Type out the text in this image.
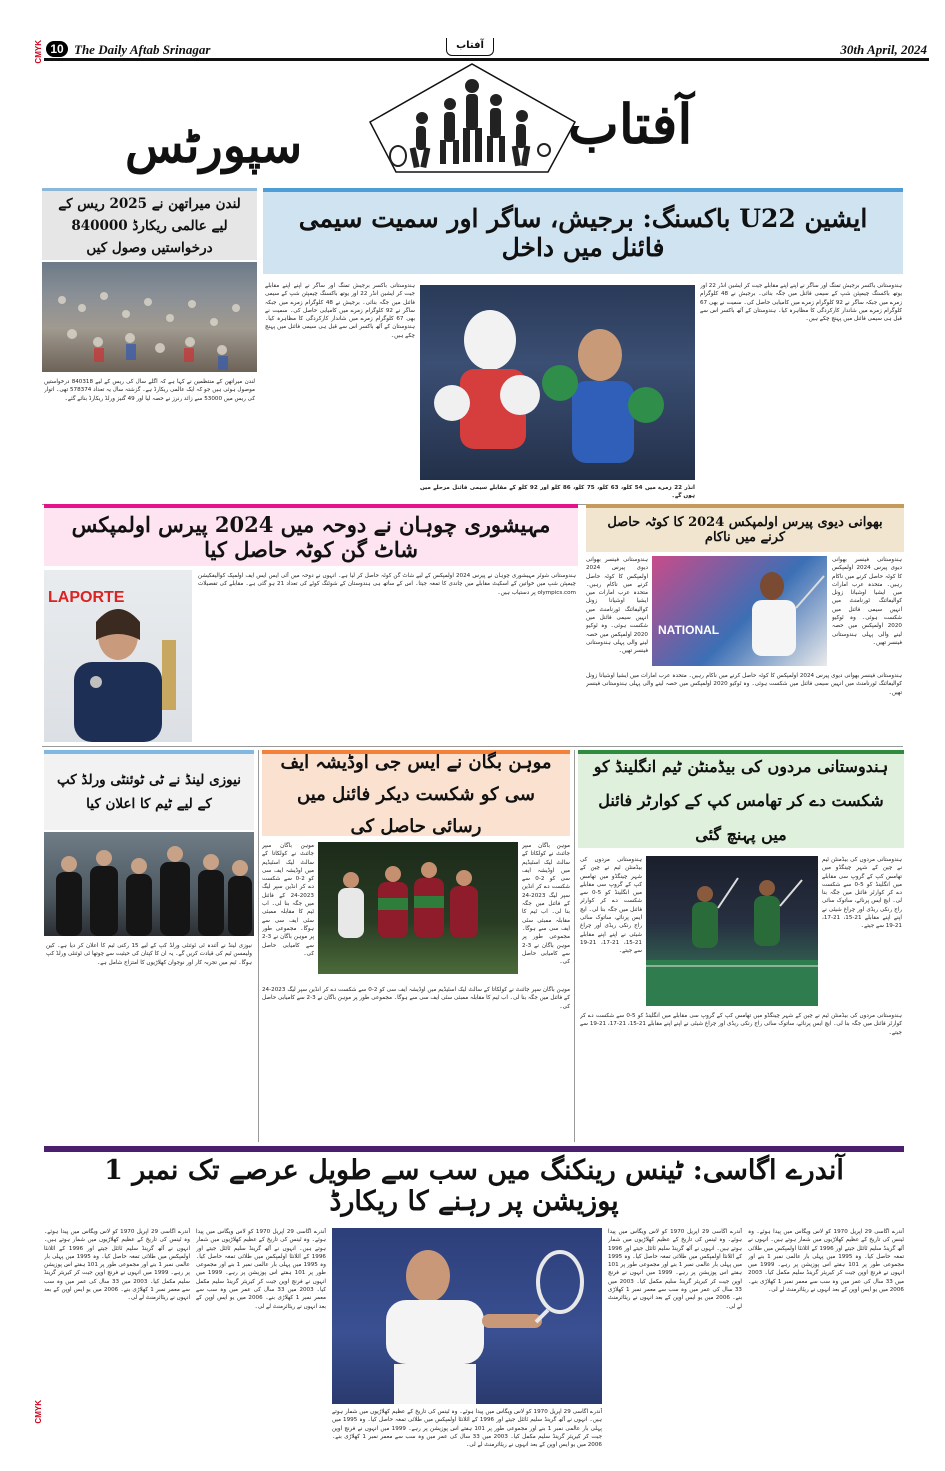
CMYK 10 The Daily Aftab Srinagar	آفتاب	30th April, 2024
سپورٹس	آفتاب
لندن میراتھن نے 2025 ریس کے لیے عالمی ریکارڈ 840000 درخواستیں وصول کیں
لندن میراتھن کے منتظمین نے کہا ہے کہ اگلے سال کی ریس کے لیے 840318 درخواستیں موصول ہوئی ہیں جو کہ ایک عالمی ریکارڈ ہے۔ گزشتہ سال یہ تعداد 578374 تھی۔ اتوار کی ریس میں 53000 سے زائد رنرز نے حصہ لیا اور 49 گنیز ورلڈ ریکارڈ بنائے گئے۔
ایشین U22 باکسنگ: برجیش، ساگر اور سمیت سیمی فائنل میں داخل
ہندوستانی باکسر برجیش تمنگ اور ساگر نے اپنے اپنے مقابلے جیت کر ایشین انڈر 22 اور یوتھ باکسنگ چیمپئن شپ کے سیمی فائنل میں جگہ بنائی۔ برجیش نے 48 کلوگرام زمرے میں جبکہ ساگر نے 92 کلوگرام زمرے میں کامیابی حاصل کی۔ سمیت نے بھی 67 کلوگرام زمرے میں شاندار کارکردگی کا مظاہرہ کیا۔ ہندوستان کے آٹھ باکسر اس سے قبل ہی سیمی فائنل میں پہنچ چکے ہیں۔
انڈر 22 زمرے میں 54 کلو، 63 کلو، 75 کلو، 86 کلو اور 92 کلو کے مقابلے سیمی فائنل مرحلے میں ہوں گے۔
ہندوستانی باکسر برجیش تمنگ اور ساگر نے اپنے اپنے مقابلے جیت کر ایشین انڈر 22 اور یوتھ باکسنگ چیمپئن شپ کے سیمی فائنل میں جگہ بنائی۔ برجیش نے 48 کلوگرام زمرے میں جبکہ ساگر نے 92 کلوگرام زمرے میں کامیابی حاصل کی۔ سمیت نے بھی 67 کلوگرام زمرے میں شاندار کارکردگی کا مظاہرہ کیا۔ ہندوستان کے آٹھ باکسر اس سے قبل ہی سیمی فائنل میں پہنچ چکے ہیں۔
مہیشوری چوہان نے دوحہ میں 2024 پیرس اولمپکس شاٹ گن کوٹہ حاصل کیا
LAPORTE
ہندوستانی شوٹر مہیشوری چوہان نے پیرس 2024 اولمپکس کے لیے شاٹ گن کوٹہ حاصل کر لیا ہے۔ انہوں نے دوحہ میں آئی ایس ایس ایف اولمپک کوالیفکیشن چیمپئن شپ میں خواتین کے اسکیٹ مقابلے میں چاندی کا تمغہ جیتا۔ اس کے ساتھ ہی ہندوستان کے شوٹنگ کوٹے کی تعداد 21 ہو گئی ہے۔ مقابلے کی تفصیلات olympics.com پر دستیاب ہیں۔
بھوانی دیوی پیرس اولمپکس 2024 کا کوٹہ حاصل کرنے میں ناکام
ہندوستانی فینسر بھوانی دیوی پیرس 2024 اولمپکس کا کوٹہ حاصل کرنے میں ناکام رہیں۔ متحدہ عرب امارات میں ایشیا اوشیانا زونل کوالیفائنگ ٹورنامنٹ میں انہیں سیمی فائنل میں شکست ہوئی۔ وہ ٹوکیو 2020 اولمپکس میں حصہ لینے والی پہلی ہندوستانی فینسر تھیں۔
NATIONAL
ہندوستانی فینسر بھوانی دیوی پیرس 2024 اولمپکس کا کوٹہ حاصل کرنے میں ناکام رہیں۔ متحدہ عرب امارات میں ایشیا اوشیانا زونل کوالیفائنگ ٹورنامنٹ میں انہیں سیمی فائنل میں شکست ہوئی۔ وہ ٹوکیو 2020 اولمپکس میں حصہ لینے والی پہلی ہندوستانی فینسر تھیں۔
ہندوستانی فینسر بھوانی دیوی پیرس 2024 اولمپکس کا کوٹہ حاصل کرنے میں ناکام رہیں۔ متحدہ عرب امارات میں ایشیا اوشیانا زونل کوالیفائنگ ٹورنامنٹ میں انہیں سیمی فائنل میں شکست ہوئی۔ وہ ٹوکیو 2020 اولمپکس میں حصہ لینے والی پہلی ہندوستانی فینسر تھیں۔
نیوزی لینڈ نے ٹی ٹوئنٹی ورلڈ کپ کے لیے ٹیم کا اعلان کیا
نیوزی لینڈ نے آئندہ ٹی ٹوئنٹی ورلڈ کپ کے لیے 15 رکنی ٹیم کا اعلان کر دیا ہے۔ کین ولیمسن ٹیم کی قیادت کریں گے۔ یہ ان کا کپتان کی حیثیت سے چوتھا ٹی ٹوئنٹی ورلڈ کپ ہوگا۔ ٹیم میں تجربہ کار اور نوجوان کھلاڑیوں کا امتزاج شامل ہے۔
موہن بگان نے ایس جی اوڈیشہ ایف سی کو شکست دیکر فائنل میں رسائی حاصل کی
موہن باگان سپر جائنٹ نے کولکاتا کے سالٹ لیک اسٹیڈیم میں اوڈیشہ ایف سی کو 2-0 سے شکست دے کر انڈین سپر لیگ 2023-24 کے فائنل میں جگہ بنا لی۔ اب ٹیم کا مقابلہ ممبئی سٹی ایف سی سے ہوگا۔ مجموعی طور پر موہن باگان نے 3-2 سے کامیابی حاصل کی۔
موہن باگان سپر جائنٹ نے کولکاتا کے سالٹ لیک اسٹیڈیم میں اوڈیشہ ایف سی کو 2-0 سے شکست دے کر انڈین سپر لیگ 2023-24 کے فائنل میں جگہ بنا لی۔ اب ٹیم کا مقابلہ ممبئی سٹی ایف سی سے ہوگا۔ مجموعی طور پر موہن باگان نے 3-2 سے کامیابی حاصل کی۔
موہن باگان سپر جائنٹ نے کولکاتا کے سالٹ لیک اسٹیڈیم میں اوڈیشہ ایف سی کو 2-0 سے شکست دے کر انڈین سپر لیگ 2023-24 کے فائنل میں جگہ بنا لی۔ اب ٹیم کا مقابلہ ممبئی سٹی ایف سی سے ہوگا۔ مجموعی طور پر موہن باگان نے 3-2 سے کامیابی حاصل کی۔
ہندوستانی مردوں کی بیڈمنٹن ٹیم انگلینڈ کو شکست دے کر تھامس کپ کے کوارٹر فائنل میں پہنچ گئی
ہندوستانی مردوں کی بیڈمنٹن ٹیم نے چین کے شہر چینگڈو میں تھامس کپ کے گروپ سی مقابلے میں انگلینڈ کو 5-0 سے شکست دے کر کوارٹر فائنل میں جگہ بنا لی۔ ایچ ایس پرنائے، ساتوک سائی راج رنکی ریڈی اور چراغ شیٹی نے اپنے اپنے مقابلے 21-15، 21-17، 21-19 سے جیتے۔
ہندوستانی مردوں کی بیڈمنٹن ٹیم نے چین کے شہر چینگڈو میں تھامس کپ کے گروپ سی مقابلے میں انگلینڈ کو 5-0 سے شکست دے کر کوارٹر فائنل میں جگہ بنا لی۔ ایچ ایس پرنائے، ساتوک سائی راج رنکی ریڈی اور چراغ شیٹی نے اپنے اپنے مقابلے 21-15، 21-17، 21-19 سے جیتے۔
ہندوستانی مردوں کی بیڈمنٹن ٹیم نے چین کے شہر چینگڈو میں تھامس کپ کے گروپ سی مقابلے میں انگلینڈ کو 5-0 سے شکست دے کر کوارٹر فائنل میں جگہ بنا لی۔ ایچ ایس پرنائے، ساتوک سائی راج رنکی ریڈی اور چراغ شیٹی نے اپنے اپنے مقابلے 21-15، 21-17، 21-19 سے جیتے۔
آندرے اگاسی: ٹینس رینکنگ میں سب سے طویل عرصے تک نمبر 1 پوزیشن پر رہنے کا ریکارڈ
آندرے اگاسی 29 اپریل 1970 کو لاس ویگاس میں پیدا ہوئے۔ وہ ٹینس کی تاریخ کے عظیم کھلاڑیوں میں شمار ہوتے ہیں۔ انہوں نے آٹھ گرینڈ سلیم ٹائٹل جیتے اور 1996 کے اٹلانٹا اولمپکس میں طلائی تمغہ حاصل کیا۔ وہ 1995 میں پہلی بار عالمی نمبر 1 بنے اور مجموعی طور پر 101 ہفتے اس پوزیشن پر رہے۔ 1999 میں انہوں نے فرنچ اوپن جیت کر کیریئر گرینڈ سلیم مکمل کیا۔ 2003 میں 33 سال کی عمر میں وہ سب سے معمر نمبر 1 کھلاڑی بنے۔ 2006 میں یو ایس اوپن کے بعد انہوں نے ریٹائرمنٹ لے لی۔
آندرے اگاسی 29 اپریل 1970 کو لاس ویگاس میں پیدا ہوئے۔ وہ ٹینس کی تاریخ کے عظیم کھلاڑیوں میں شمار ہوتے ہیں۔ انہوں نے آٹھ گرینڈ سلیم ٹائٹل جیتے اور 1996 کے اٹلانٹا اولمپکس میں طلائی تمغہ حاصل کیا۔ وہ 1995 میں پہلی بار عالمی نمبر 1 بنے اور مجموعی طور پر 101 ہفتے اس پوزیشن پر رہے۔ 1999 میں انہوں نے فرنچ اوپن جیت کر کیریئر گرینڈ سلیم مکمل کیا۔ 2003 میں 33 سال کی عمر میں وہ سب سے معمر نمبر 1 کھلاڑی بنے۔ 2006 میں یو ایس اوپن کے بعد انہوں نے ریٹائرمنٹ لے لی۔
آندرے اگاسی 29 اپریل 1970 کو لاس ویگاس میں پیدا ہوئے۔ وہ ٹینس کی تاریخ کے عظیم کھلاڑیوں میں شمار ہوتے ہیں۔ انہوں نے آٹھ گرینڈ سلیم ٹائٹل جیتے اور 1996 کے اٹلانٹا اولمپکس میں طلائی تمغہ حاصل کیا۔ وہ 1995 میں پہلی بار عالمی نمبر 1 بنے اور مجموعی طور پر 101 ہفتے اس پوزیشن پر رہے۔ 1999 میں انہوں نے فرنچ اوپن جیت کر کیریئر گرینڈ سلیم مکمل کیا۔ 2003 میں 33 سال کی عمر میں وہ سب سے معمر نمبر 1 کھلاڑی بنے۔ 2006 میں یو ایس اوپن کے بعد انہوں نے ریٹائرمنٹ لے لی۔
آندرے اگاسی 29 اپریل 1970 کو لاس ویگاس میں پیدا ہوئے۔ وہ ٹینس کی تاریخ کے عظیم کھلاڑیوں میں شمار ہوتے ہیں۔ انہوں نے آٹھ گرینڈ سلیم ٹائٹل جیتے اور 1996 کے اٹلانٹا اولمپکس میں طلائی تمغہ حاصل کیا۔ وہ 1995 میں پہلی بار عالمی نمبر 1 بنے اور مجموعی طور پر 101 ہفتے اس پوزیشن پر رہے۔ 1999 میں انہوں نے فرنچ اوپن جیت کر کیریئر گرینڈ سلیم مکمل کیا۔ 2003 میں 33 سال کی عمر میں وہ سب سے معمر نمبر 1 کھلاڑی بنے۔ 2006 میں یو ایس اوپن کے بعد انہوں نے ریٹائرمنٹ لے لی۔
آندرے اگاسی 29 اپریل 1970 کو لاس ویگاس میں پیدا ہوئے۔ وہ ٹینس کی تاریخ کے عظیم کھلاڑیوں میں شمار ہوتے ہیں۔ انہوں نے آٹھ گرینڈ سلیم ٹائٹل جیتے اور 1996 کے اٹلانٹا اولمپکس میں طلائی تمغہ حاصل کیا۔ وہ 1995 میں پہلی بار عالمی نمبر 1 بنے اور مجموعی طور پر 101 ہفتے اس پوزیشن پر رہے۔ 1999 میں انہوں نے فرنچ اوپن جیت کر کیریئر گرینڈ سلیم مکمل کیا۔ 2003 میں 33 سال کی عمر میں وہ سب سے معمر نمبر 1 کھلاڑی بنے۔ 2006 میں یو ایس اوپن کے بعد انہوں نے ریٹائرمنٹ لے لی۔
CMYK
